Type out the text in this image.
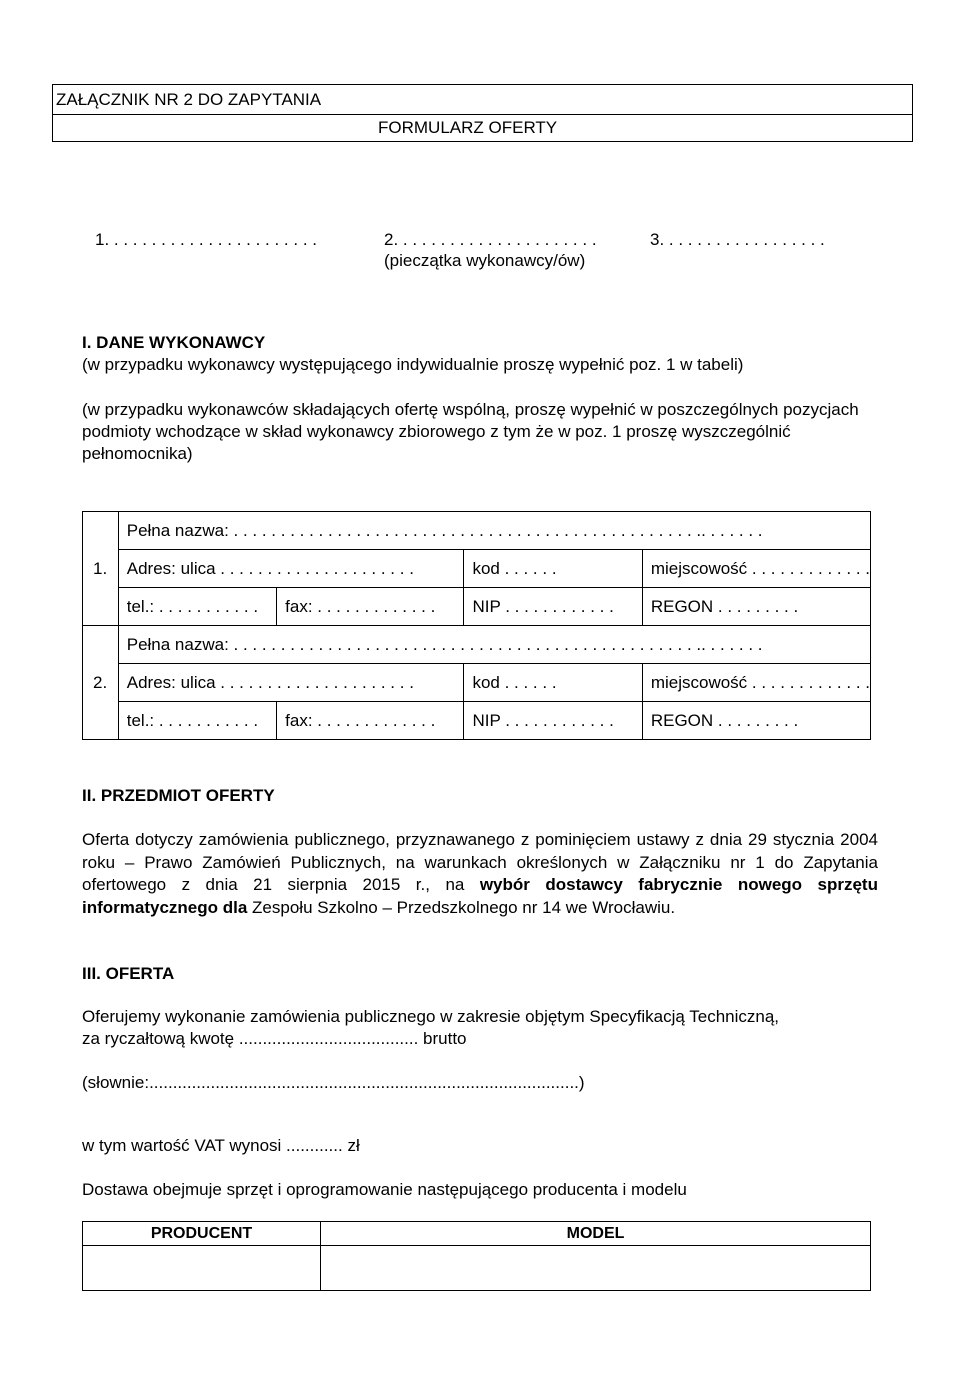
ZAŁĄCZNIK NR 2 DO ZAPYTANIA
FORMULARZ OFERTY
1. . . . . . . . . . . . . . . . . . . . . . .	2. . . . . . . . . . . . . . . . . . . . . .	3. . . . . . . . . . . . . . . . . .
(pieczątka wykonawcy/ów)
I. DANE WYKONAWCY
(w przypadku wykonawcy występującego indywidualnie proszę wypełnić poz. 1 w tabeli)
(w przypadku wykonawców składających ofertę wspólną, proszę wypełnić w poszczególnych pozycjach podmioty wchodzące w skład wykonawcy zbiorowego z tym że w poz. 1 proszę wyszczególnić pełnomocnika)
1.	Pełna nazwa: . . . . . . . . . . . . . . . . . . . . . . . . . . . . . . . . . . . . . . . . . . . . . . . . . .. . . . . . .			
	Adres: ulica . . . . . . . . . . . . . . . . . . . . .		kod . . . . . .	miejscowość . . . . . . . . . . . . .
	tel.: . . . . . . . . . . .	fax: . . . . . . . . . . . . .	NIP . . . . . . . . . . . .	REGON . . . . . . . . .
2.	Pełna nazwa: . . . . . . . . . . . . . . . . . . . . . . . . . . . . . . . . . . . . . . . . . . . . . . . . . .. . . . . . .			
	Adres: ulica . . . . . . . . . . . . . . . . . . . . .		kod . . . . . .	miejscowość . . . . . . . . . . . . .
	tel.: . . . . . . . . . . .	fax: . . . . . . . . . . . . .	NIP . . . . . . . . . . . .	REGON . . . . . . . . .
II. PRZEDMIOT OFERTY
Oferta dotyczy zamówienia publicznego, przyznawanego z pominięciem ustawy z dnia 29 stycznia 2004 roku – Prawo Zamówień Publicznych, na warunkach określonych w Załączniku nr 1 do Zapytania ofertowego z dnia 21 sierpnia 2015 r., na wybór dostawcy fabrycznie nowego sprzętu informatycznego dla Zespołu Szkolno – Przedszkolnego nr 14 we Wrocławiu.
III. OFERTA
Oferujemy wykonanie zamówienia publicznego w zakresie objętym Specyfikacją Techniczną,
za ryczałtową kwotę ...................................... brutto
(słownie:...........................................................................................)
w tym wartość VAT wynosi ............ zł
Dostawa obejmuje sprzęt i oprogramowanie następującego producenta i modelu
PRODUCENT	MODEL
